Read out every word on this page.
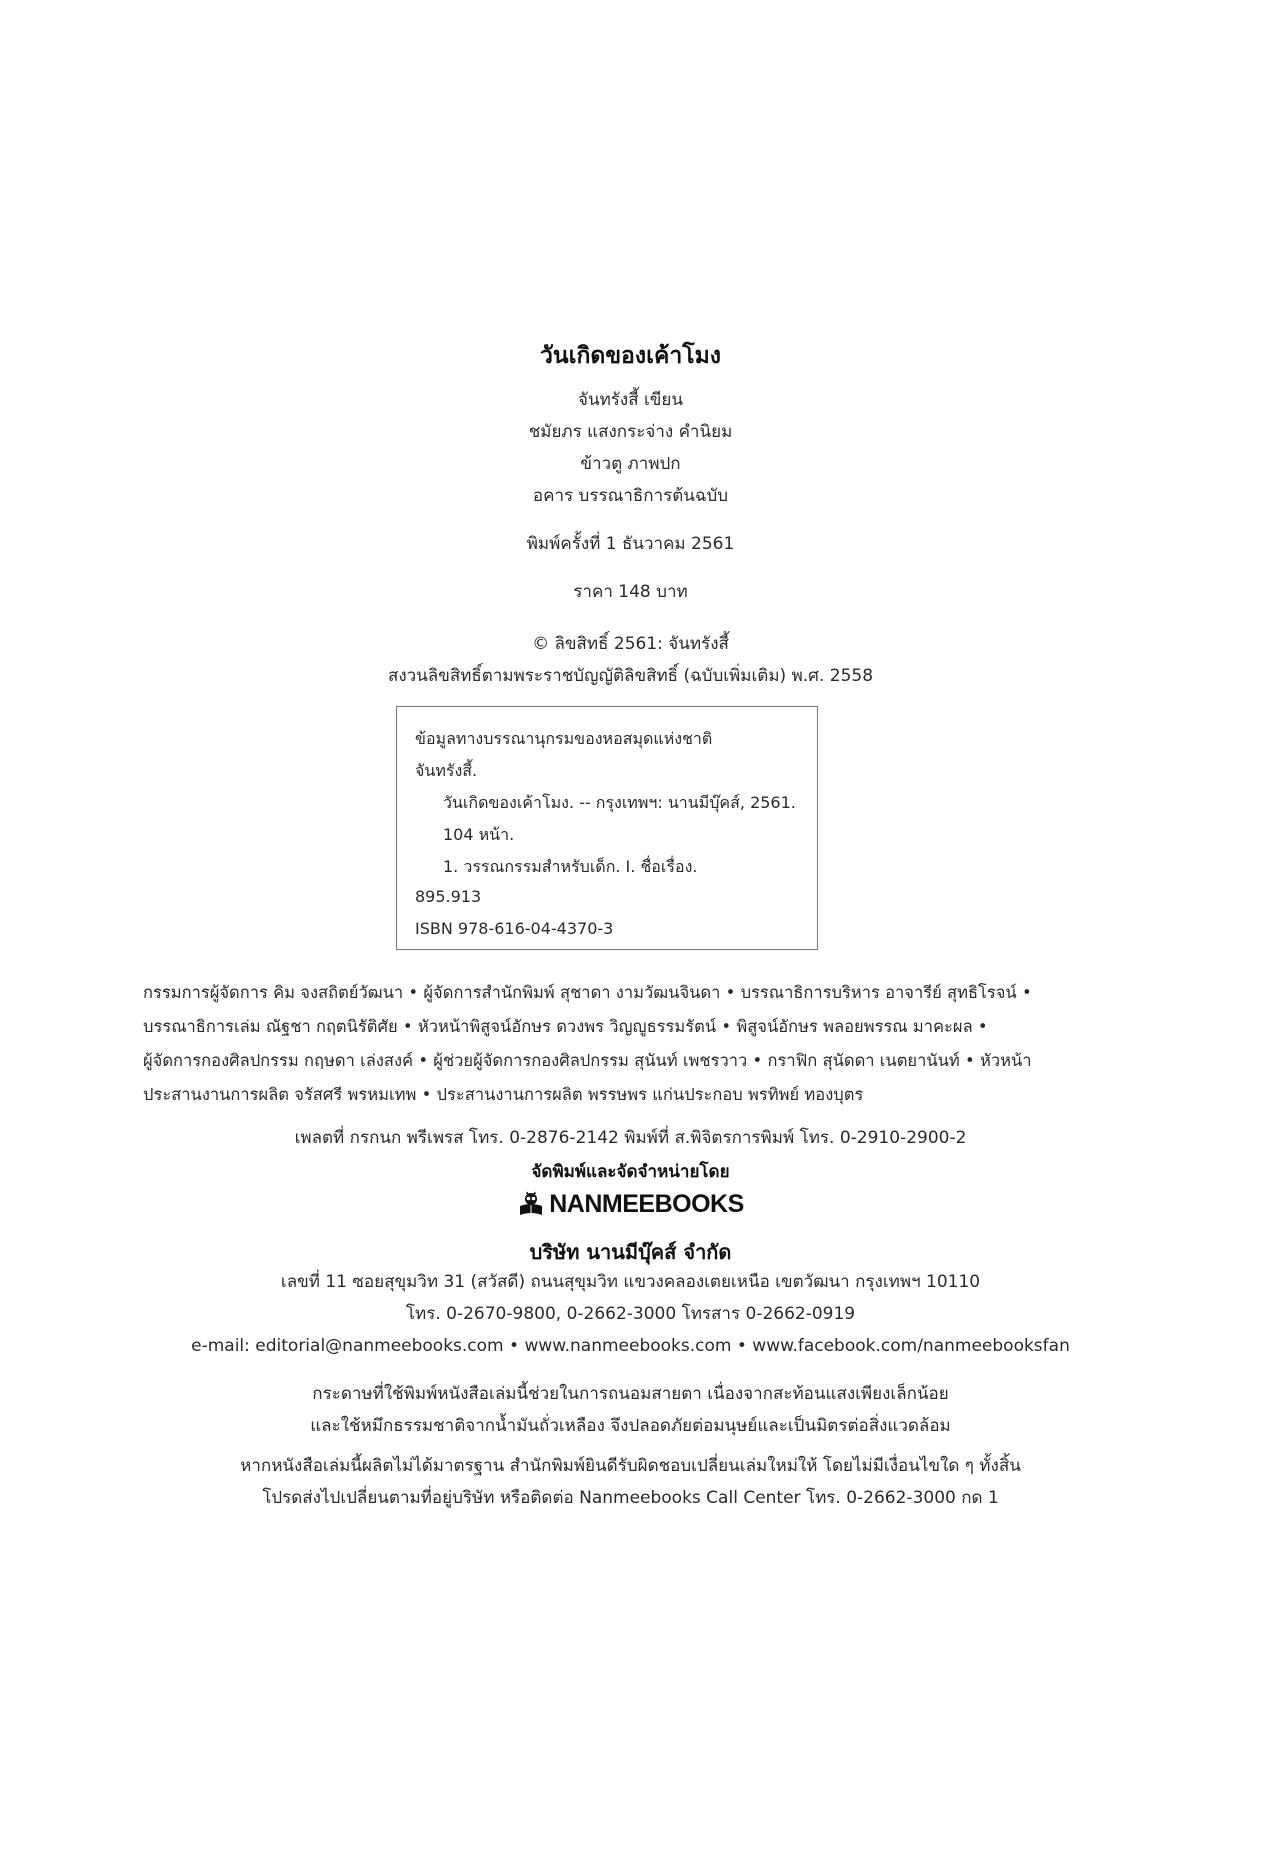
วันเกิดของเค้าโมง
จันทรังสี้ เขียน
ชมัยภร แสงกระจ่าง คำนิยม
ข้าวตู ภาพปก
อคาร บรรณาธิการต้นฉบับ
พิมพ์ครั้งที่ 1 ธันวาคม 2561
ราคา 148 บาท
© ลิขสิทธิ์ 2561: จันทรังสี้
สงวนลิขสิทธิ์ตามพระราชบัญญัติลิขสิทธิ์ (ฉบับเพิ่มเติม) พ.ศ. 2558
ข้อมูลทางบรรณานุกรมของหอสมุดแห่งชาติ
จันทรังสี้.
วันเกิดของเค้าโมง. -- กรุงเทพฯ: นานมีบุ๊คส์, 2561.
104 หน้า.
1. วรรณกรรมสำหรับเด็ก. I. ชื่อเรื่อง.
895.913
ISBN 978-616-04-4370-3
กรรมการผู้จัดการ คิม จงสถิตย์วัฒนา • ผู้จัดการสำนักพิมพ์ สุชาดา งามวัฒนจินดา • บรรณาธิการบริหาร อาจารีย์ สุทธิโรจน์ •
บรรณาธิการเล่ม ณัฐชา กฤตนิรัติศัย • หัวหน้าพิสูจน์อักษร ดวงพร วิญญูธรรมรัตน์ • พิสูจน์อักษร พลอยพรรณ มาคะผล •
ผู้จัดการกองศิลปกรรม กฤษดา เล่งสงค์ • ผู้ช่วยผู้จัดการกองศิลปกรรม สุนันท์ เพชรวาว • กราฟิก สุนัดดา เนตยานันท์ • หัวหน้า
ประสานงานการผลิต จรัสศรี พรหมเทพ • ประสานงานการผลิต พรรษพร แก่นประกอบ พรทิพย์ ทองบุตร
เพลตที่ กรกนก พรีเพรส โทร. 0-2876-2142 พิมพ์ที่ ส.พิจิตรการพิมพ์ โทร. 0-2910-2900-2
จัดพิมพ์และจัดจำหน่ายโดย
NANMEEBOOKS
บริษัท นานมีบุ๊คส์ จำกัด
เลขที่ 11 ซอยสุขุมวิท 31 (สวัสดี) ถนนสุขุมวิท แขวงคลองเตยเหนือ เขตวัฒนา กรุงเทพฯ 10110
โทร. 0-2670-9800, 0-2662-3000 โทรสาร 0-2662-0919
e-mail: editorial@nanmeebooks.com • www.nanmeebooks.com • www.facebook.com/nanmeebooksfan
กระดาษที่ใช้พิมพ์หนังสือเล่มนี้ช่วยในการถนอมสายตา เนื่องจากสะท้อนแสงเพียงเล็กน้อย
และใช้หมึกธรรมชาติจากน้ำมันถั่วเหลือง จึงปลอดภัยต่อมนุษย์และเป็นมิตรต่อสิ่งแวดล้อม
หากหนังสือเล่มนี้ผลิตไม่ได้มาตรฐาน สำนักพิมพ์ยินดีรับผิดชอบเปลี่ยนเล่มใหม่ให้ โดยไม่มีเงื่อนไขใด ๆ ทั้งสิ้น
โปรดส่งไปเปลี่ยนตามที่อยู่บริษัท หรือติดต่อ Nanmeebooks Call Center โทร. 0-2662-3000 กด 1
